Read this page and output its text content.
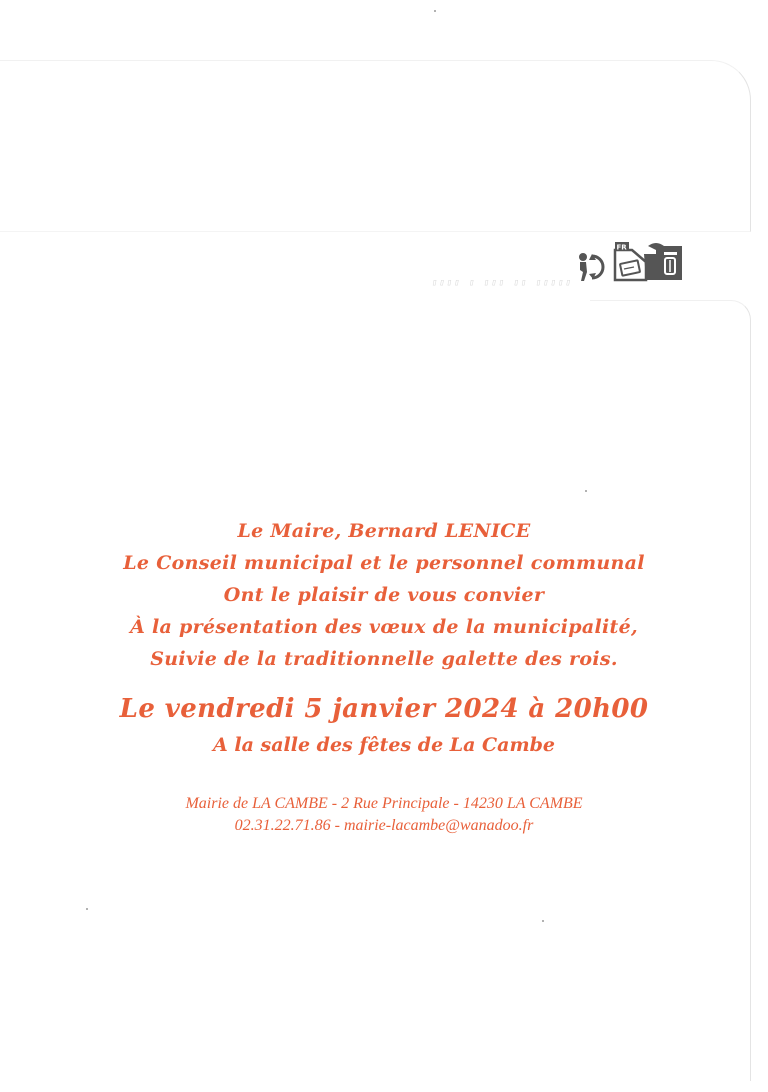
▯▯▯▯ ▯ ▯▯▯ ▯▯ ▯▯▯▯▯
FR
Le Maire, Bernard LENICE
Le Conseil municipal et le personnel communal
Ont le plaisir de vous convier
À la présentation des vœux de la municipalité,
Suivie de la traditionnelle galette des rois.
Le vendredi 5 janvier 2024 à 20h00
A la salle des fêtes de La Cambe
Mairie de LA CAMBE - 2 Rue Principale - 14230 LA CAMBE
02.31.22.71.86 - mairie-lacambe@wanadoo.fr
